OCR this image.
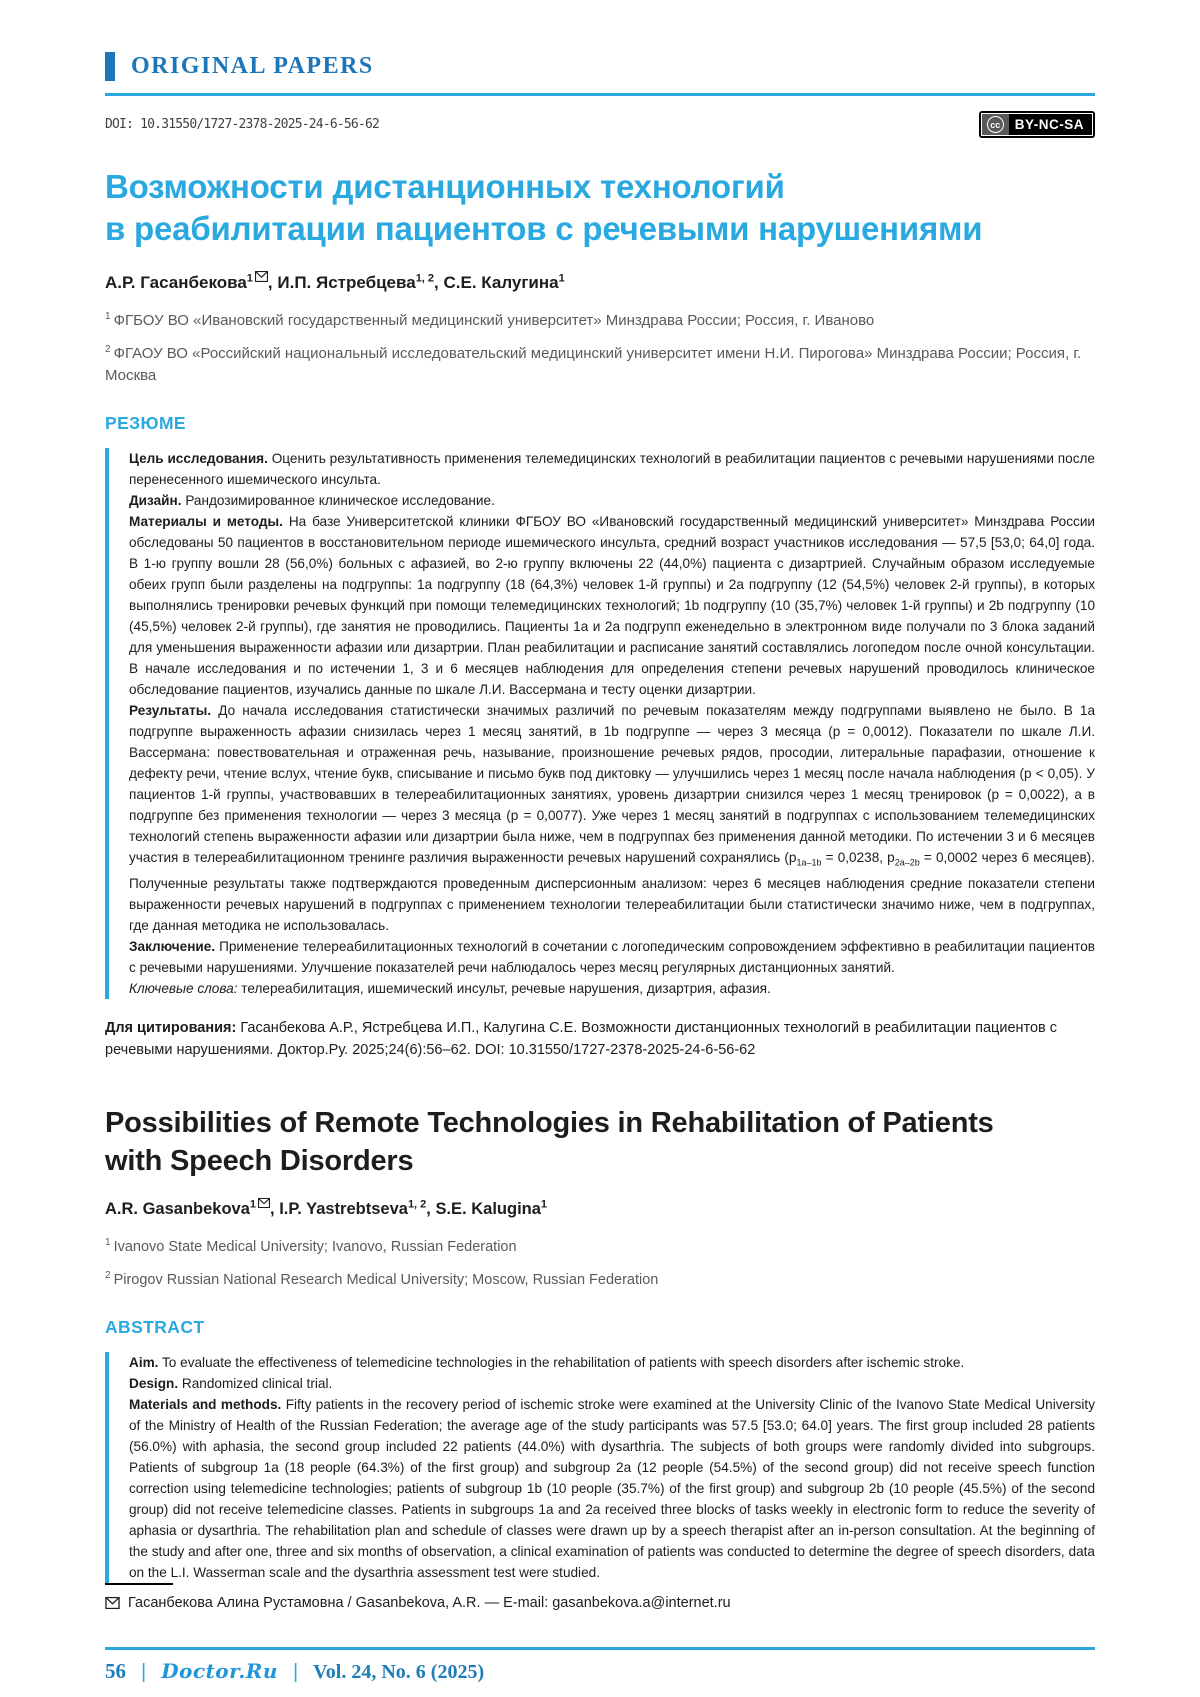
ORIGINAL PAPERS
DOI: 10.31550/1727-2378-2025-24-6-56-62	cc	BY-NC-SA
Возможности дистанционных технологий
в реабилитации пациентов с речевыми нарушениями
А.Р. Гасанбекова$^1$ , И.П. Ястребцева$^{1, 2}$, С.Е. Калугина$^1$

$^1$ ФГБОУ ВО «Ивановский государственный медицинский университет» Минздрава России; Россия, г. Иваново

$^2$ ФГАОУ ВО «Российский национальный исследовательский медицинский университет имени Н.И. Пирогова» Минздрава России; Россия, г. Москва

РЕЗЮМЕ

Цель исследования. Оценить результативность применения телемедицинских технологий в реабилитации пациентов с речевыми нарушениями после перенесенного ишемического инсульта.

Дизайн. Рандозимированное клиническое исследование.

Материалы и методы. На базе Университетской клиники ФГБОУ ВО «Ивановский государственный медицинский университет» Минздрава России обследованы 50 пациентов в восстановительном периоде ишемического инсульта, средний возраст участников исследования — 57,5 [53,0; 64,0] года. В 1-ю группу вошли 28 (56,0%) больных с афазией, во 2-ю группу включены 22 (44,0%) пациента с дизартрией. Случайным образом исследуемые обеих групп были разделены на подгруппы: 1а подгруппу (18 (64,3%) человек 1-й группы) и 2а подгруппу (12 (54,5%) человек 2-й группы), в которых выполнялись тренировки речевых функций при помощи телемедицинских технологий; 1b подгруппу (10 (35,7%) человек 1-й группы) и 2b подгруппу (10 (45,5%) человек 2-й группы), где занятия не проводились. Пациенты 1а и 2а подгрупп еженедельно в электронном виде получали по 3 блока заданий для уменьшения выраженности афазии или дизартрии. План реабилитации и расписание занятий составлялись логопедом после очной консультации. В начале исследования и по истечении 1, 3 и 6 месяцев наблюдения для определения степени речевых нарушений проводилось клиническое обследование пациентов, изучались данные по шкале Л.И. Вассермана и тесту оценки дизартрии.

Результаты. До начала исследования статистически значимых различий по речевым показателям между подгруппами выявлено не было. В 1а подгруппе выраженность афазии снизилась через 1 месяц занятий, в 1b подгруппе — через 3 месяца (p = 0,0012). Показатели по шкале Л.И. Вассермана: повествовательная и отраженная речь, называние, произношение речевых рядов, просодии, литеральные парафазии, отношение к дефекту речи, чтение вслух, чтение букв, списывание и письмо букв под диктовку — улучшились через 1 месяц после начала наблюдения (p < 0,05). У пациентов 1-й группы, участвовавших в телереабилитационных занятиях, уровень дизартрии снизился через 1 месяц тренировок (p = 0,0022), а в подгруппе без применения технологии — через 3 месяца (p = 0,0077). Уже через 1 месяц занятий в подгруппах с использованием телемедицинских технологий степень выраженности афазии или дизартрии была ниже, чем в подгруппах без применения данной методики. По истечении 3 и 6 месяцев участия в телереабилитационном тренинге различия выраженности речевых нарушений сохранялись ($p_{1a-1b} = 0,0238$, $p_{2a-2b} = 0,0002$ через 6 месяцев). Полученные результаты также подтверждаются проведенным дисперсионным анализом: через 6 месяцев наблюдения средние показатели степени выраженности речевых нарушений в подгруппах с применением технологии телереабилитации были статистически значимо ниже, чем в подгруппах, где данная методика не использовалась.

Заключение. Применение телереабилитационных технологий в сочетании с логопедическим сопровождением эффективно в реабилитации пациентов с речевыми нарушениями. Улучшение показателей речи наблюдалось через месяц регулярных дистанционных занятий.

Ключевые слова: телереабилитация, ишемический инсульт, речевые нарушения, дизартрия, афазия.

Для цитирования: Гасанбекова А.Р., Ястребцева И.П., Калугина С.Е. Возможности дистанционных технологий в реабилитации пациентов с речевыми нарушениями. Доктор.Ру. 2025;24(6):56–62. DOI: 10.31550/1727-2378-2025-24-6-56-62

Possibilities of Remote Technologies in Rehabilitation of Patients
with Speech Disorders
A.R. Gasanbekova$^1$ , I.P. Yastrebtseva$^{1, 2}$, S.E. Kalugina$^1$

$^1$ Ivanovo State Medical University; Ivanovo, Russian Federation

$^2$ Pirogov Russian National Research Medical University; Moscow, Russian Federation

ABSTRACT

Aim. To evaluate the effectiveness of telemedicine technologies in the rehabilitation of patients with speech disorders after ischemic stroke.

Design. Randomized clinical trial.

Materials and methods. Fifty patients in the recovery period of ischemic stroke were examined at the University Clinic of the Ivanovo State Medical University of the Ministry of Health of the Russian Federation; the average age of the study participants was 57.5 [53.0; 64.0] years. The first group included 28 patients (56.0%) with aphasia, the second group included 22 patients (44.0%) with dysarthria. The subjects of both groups were randomly divided into subgroups. Patients of subgroup 1a (18 people (64.3%) of the first group) and subgroup 2a (12 people (54.5%) of the second group) did not receive speech function correction using telemedicine technologies; patients of subgroup 1b (10 people (35.7%) of the first group) and subgroup 2b (10 people (45.5%) of the second group) did not receive telemedicine classes. Patients in subgroups 1a and 2a received three blocks of tasks weekly in electronic form to reduce the severity of aphasia or dysarthria. The rehabilitation plan and schedule of classes were drawn up by a speech therapist after an in-person consultation. At the beginning of the study and after one, three and six months of observation, a clinical examination of patients was conducted to determine the degree of speech disorders, data on the L.I. Wasserman scale and the dysarthria assessment test were studied.

Гасанбекова Алина Рустамовна / Gasanbekova, A.R. — E-mail: gasanbekova.a@internet.ru
56 | Doctor.Ru | Vol. 24, No. 6 (2025)
